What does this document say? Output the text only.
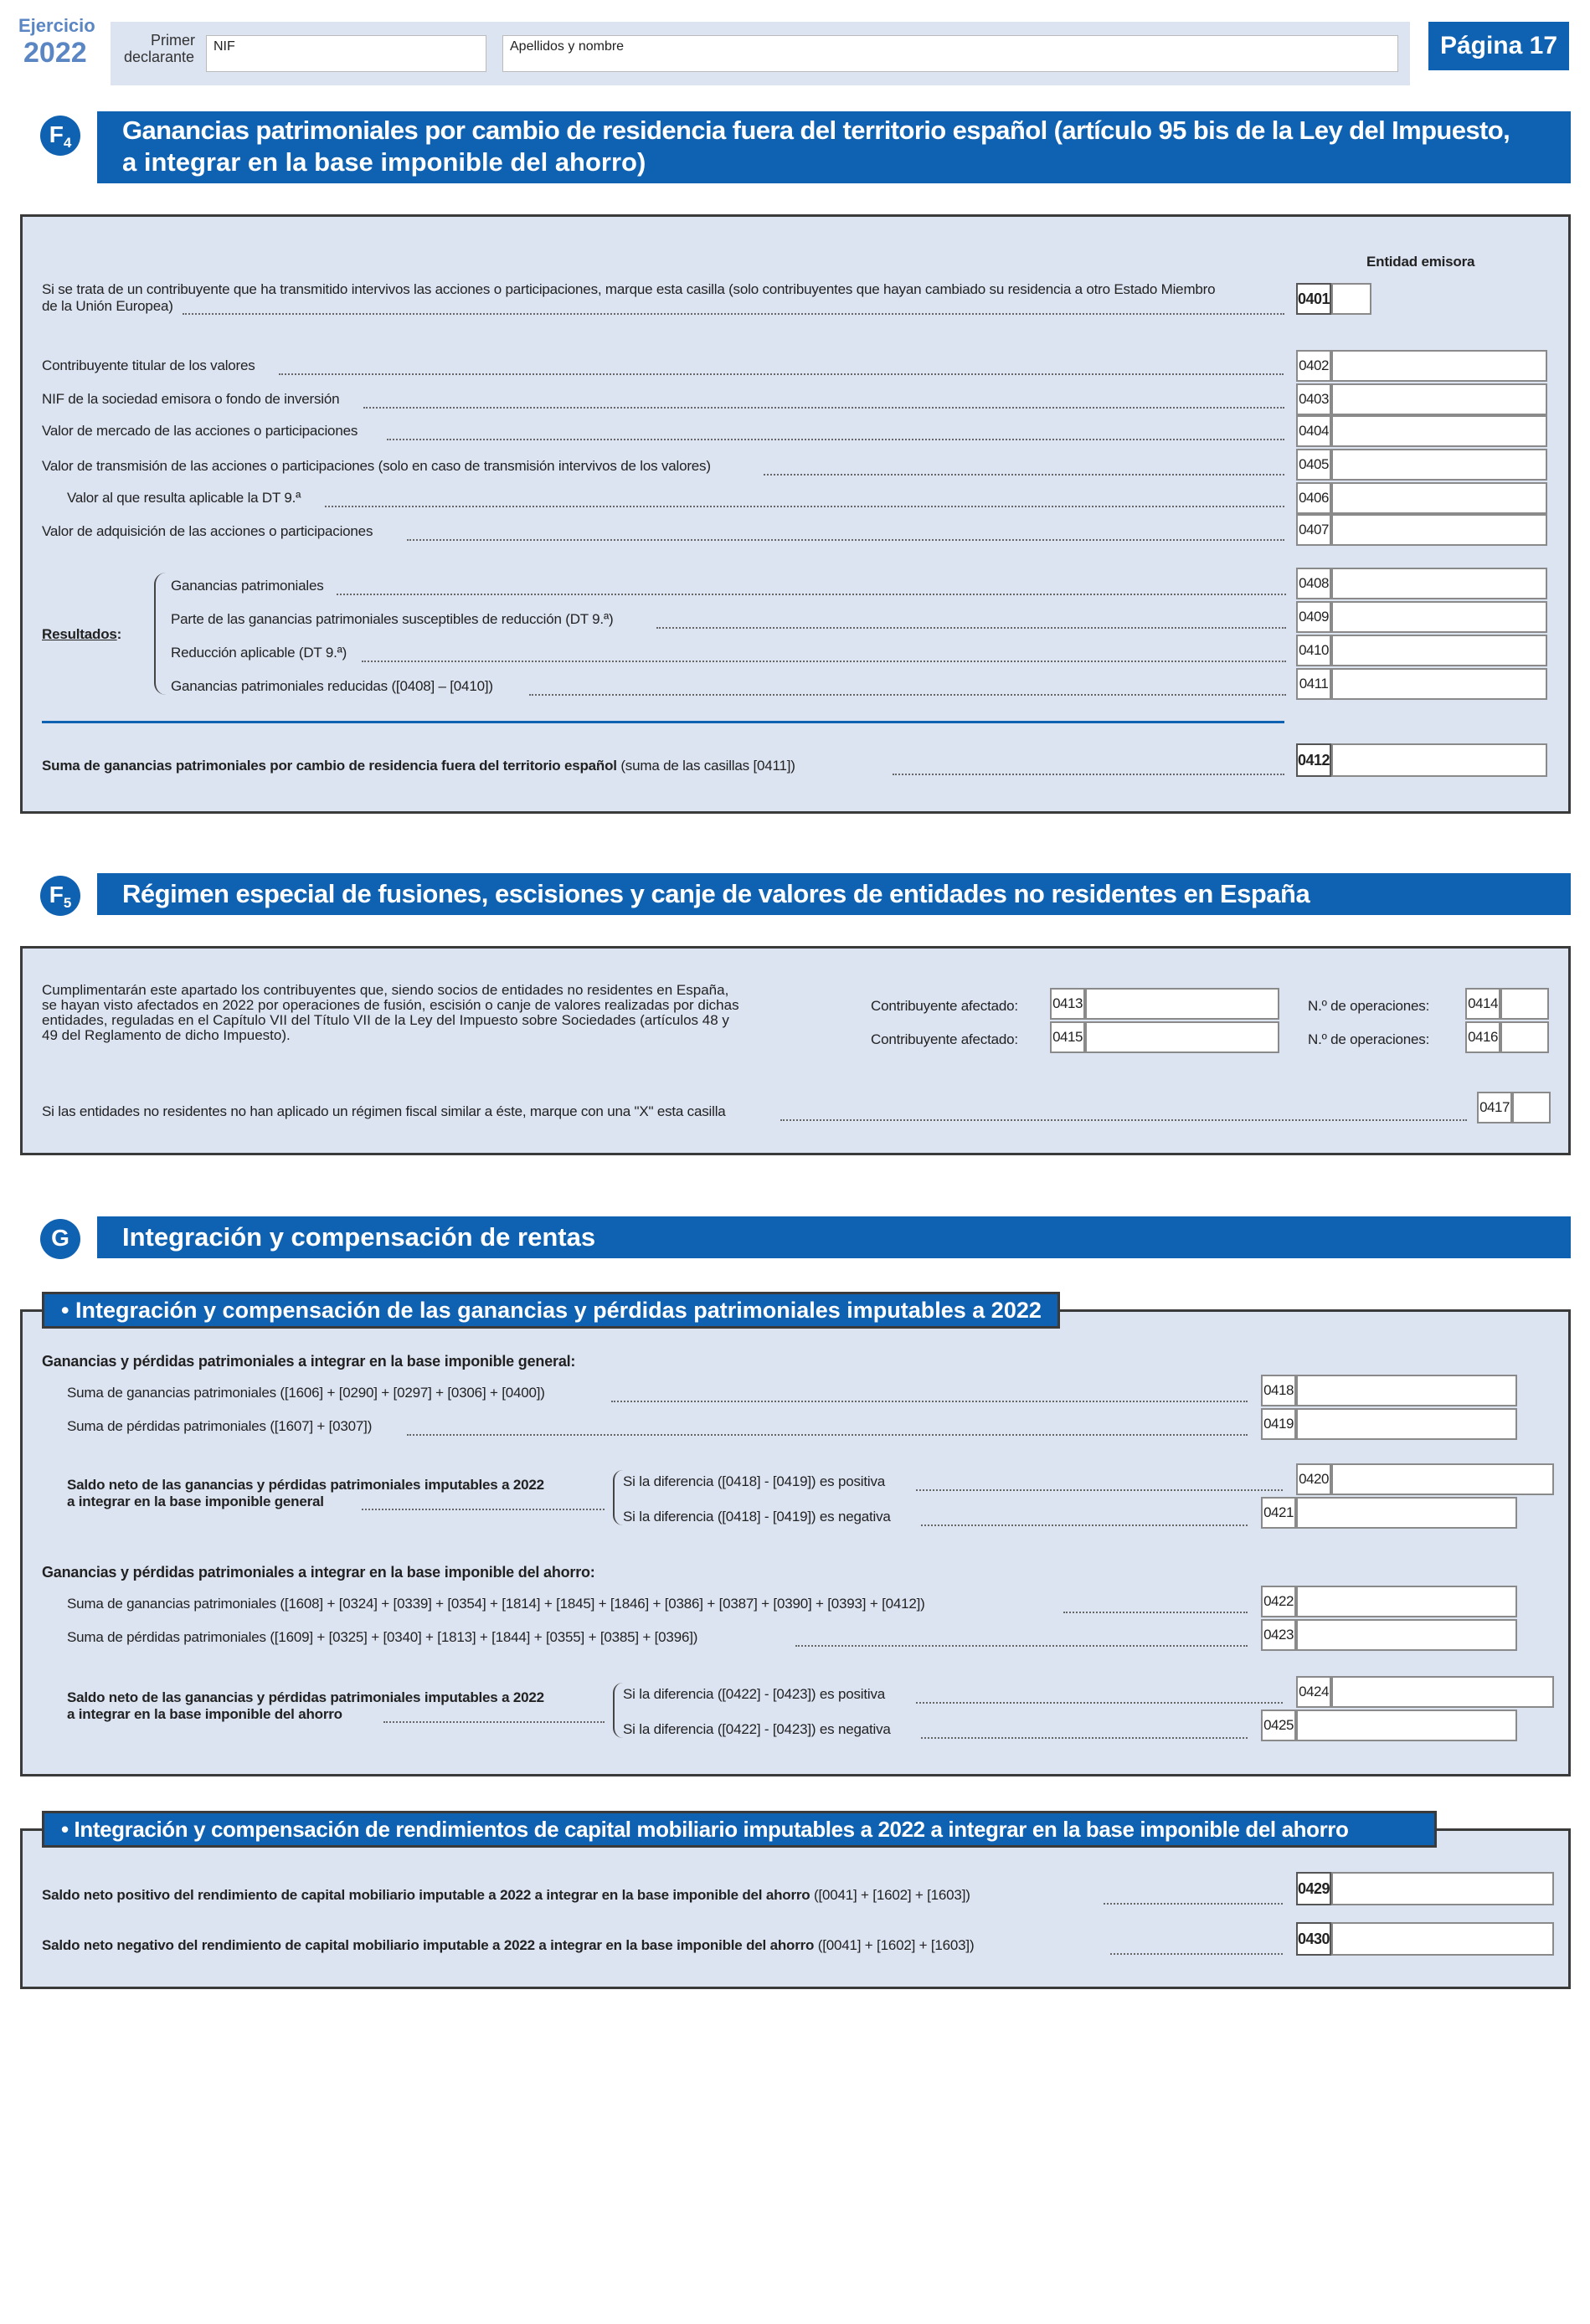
Ejercicio
2022	Primer
declarante
NIF	Apellidos y nombre	Página 17
$F_4$	Ganancias patrimoniales por cambio de residencia fuera del territorio español (artículo 95 bis de la Ley del Impuesto,
a integrar en la base imponible del ahorro)
Entidad emisora
Si se trata de un contribuyente que ha transmitido intervivos las acciones o participaciones, marque esta casilla (solo contribuyentes que hayan cambiado su residencia a otro Estado Miembro
de la Unión Europea)	0401
Contribuyente titular de los valores	0402
NIF de la sociedad emisora o fondo de inversión	0403
Valor de mercado de las acciones o participaciones	0404
Valor de transmisión de las acciones o participaciones (solo en caso de transmisión intervivos de los valores)	0405
Valor al que resulta aplicable la DT 9.ª	0406
Valor de adquisición de las acciones o participaciones	0407
Resultados:
Ganancias patrimoniales	0408
Parte de las ganancias patrimoniales susceptibles de reducción (DT 9.ª)	0409
Reducción aplicable (DT 9.ª)	0410
Ganancias patrimoniales reducidas ([0408] – [0410])	0411
Suma de ganancias patrimoniales por cambio de residencia fuera del territorio español (suma de las casillas [0411])	0412
$F_5$	Régimen especial de fusiones, escisiones y canje de valores de entidades no residentes en España
Cumplimentarán este apartado los contribuyentes que, siendo socios de entidades no residentes en España,
se hayan visto afectados en 2022 por operaciones de fusión, escisión o canje de valores realizadas por dichas
entidades, reguladas en el Capítulo VII del Título VII de la Ley del Impuesto sobre Sociedades (artículos 48 y
49 del Reglamento de dicho Impuesto).
Contribuyente afectado: 0413	N.º de operaciones:	0414
Contribuyente afectado: 0415	N.º de operaciones:	0416
Si las entidades no residentes no han aplicado un régimen fiscal similar a éste, marque con una "X" esta casilla	0417
G	Integración y compensación de rentas
• Integración y compensación de las ganancias y pérdidas patrimoniales imputables a 2022
Ganancias y pérdidas patrimoniales a integrar en la base imponible general:
Suma de ganancias patrimoniales ([1606] + [0290] + [0297] + [0306] + [0400])	0418
Suma de pérdidas patrimoniales ([1607] + [0307])	0419
Saldo neto de las ganancias y pérdidas patrimoniales imputables a 2022
a integrar en la base imponible general
Si la diferencia ([0418] - [0419]) es positiva	0420
Si la diferencia ([0418] - [0419]) es negativa	0421
Ganancias y pérdidas patrimoniales a integrar en la base imponible del ahorro:
Suma de ganancias patrimoniales ([1608] + [0324] + [0339] + [0354] + [1814] + [1845] + [1846] + [0386] + [0387] + [0390] + [0393] + [0412])	0422
Suma de pérdidas patrimoniales ([1609] + [0325] + [0340] + [1813] + [1844] + [0355] + [0385] + [0396])	0423
Saldo neto de las ganancias y pérdidas patrimoniales imputables a 2022
a integrar en la base imponible del ahorro
Si la diferencia ([0422] - [0423]) es positiva	0424
Si la diferencia ([0422] - [0423]) es negativa	0425
• Integración y compensación de rendimientos de capital mobiliario imputables a 2022 a integrar en la base imponible del ahorro
Saldo neto positivo del rendimiento de capital mobiliario imputable a 2022 a integrar en la base imponible del ahorro ([0041] + [1602] + [1603])	0429
Saldo neto negativo del rendimiento de capital mobiliario imputable a 2022 a integrar en la base imponible del ahorro ([0041] + [1602] + [1603])	0430
